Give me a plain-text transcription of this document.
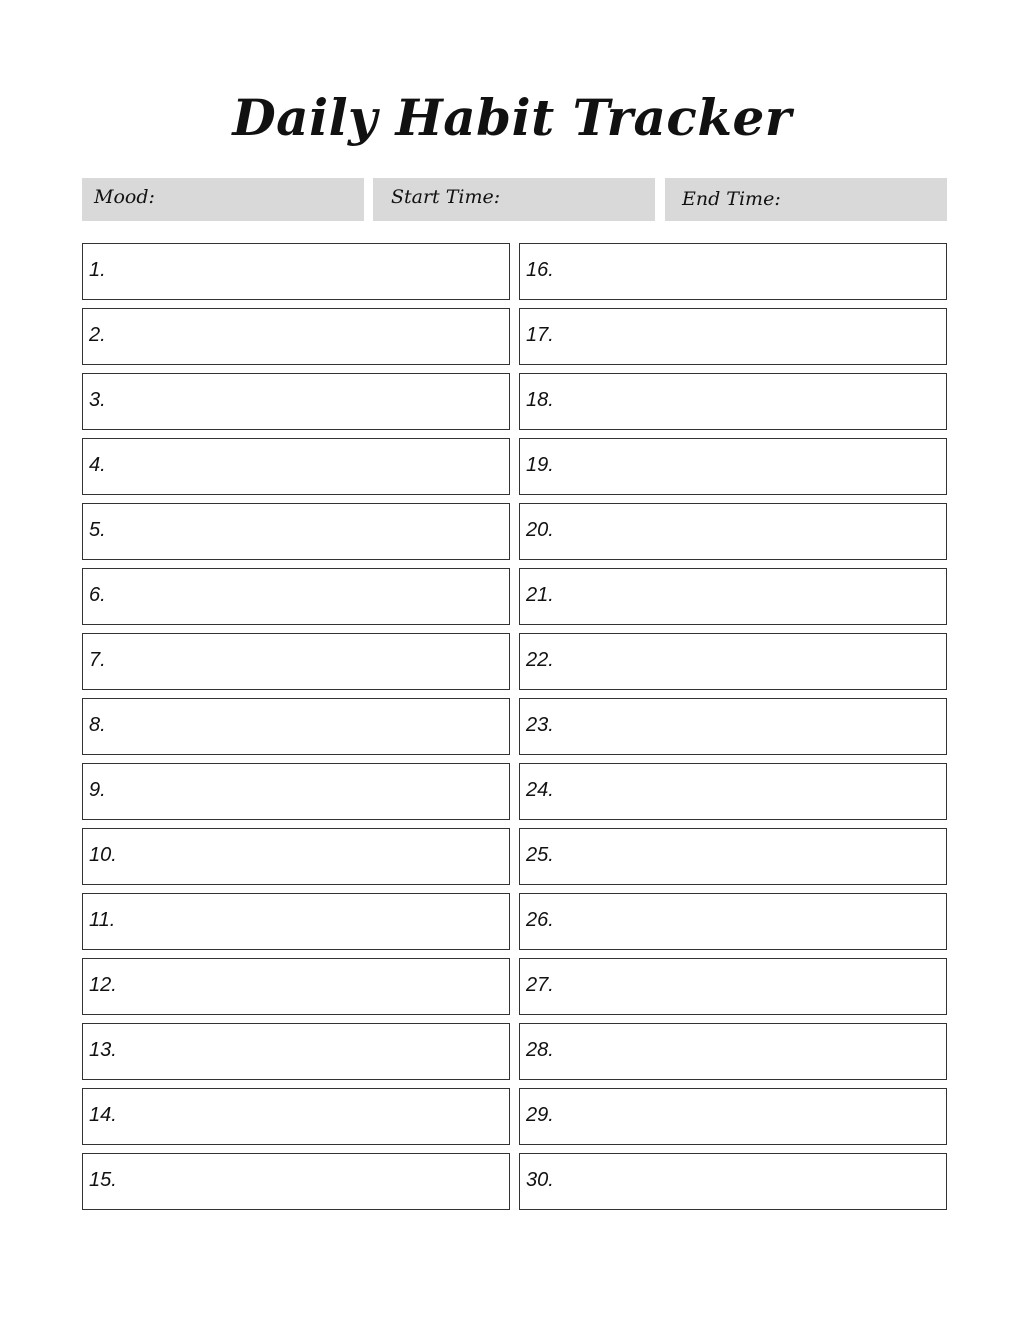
Daily Habit Tracker
Mood:	Start Time:	End Time:
1.
2.
3.
4.
5.
6.
7.
8.
9.
10.
11.
12.
13.
14.
15.
16.
17.
18.
19.
20.
21.
22.
23.
24.
25.
26.
27.
28.
29.
30.
